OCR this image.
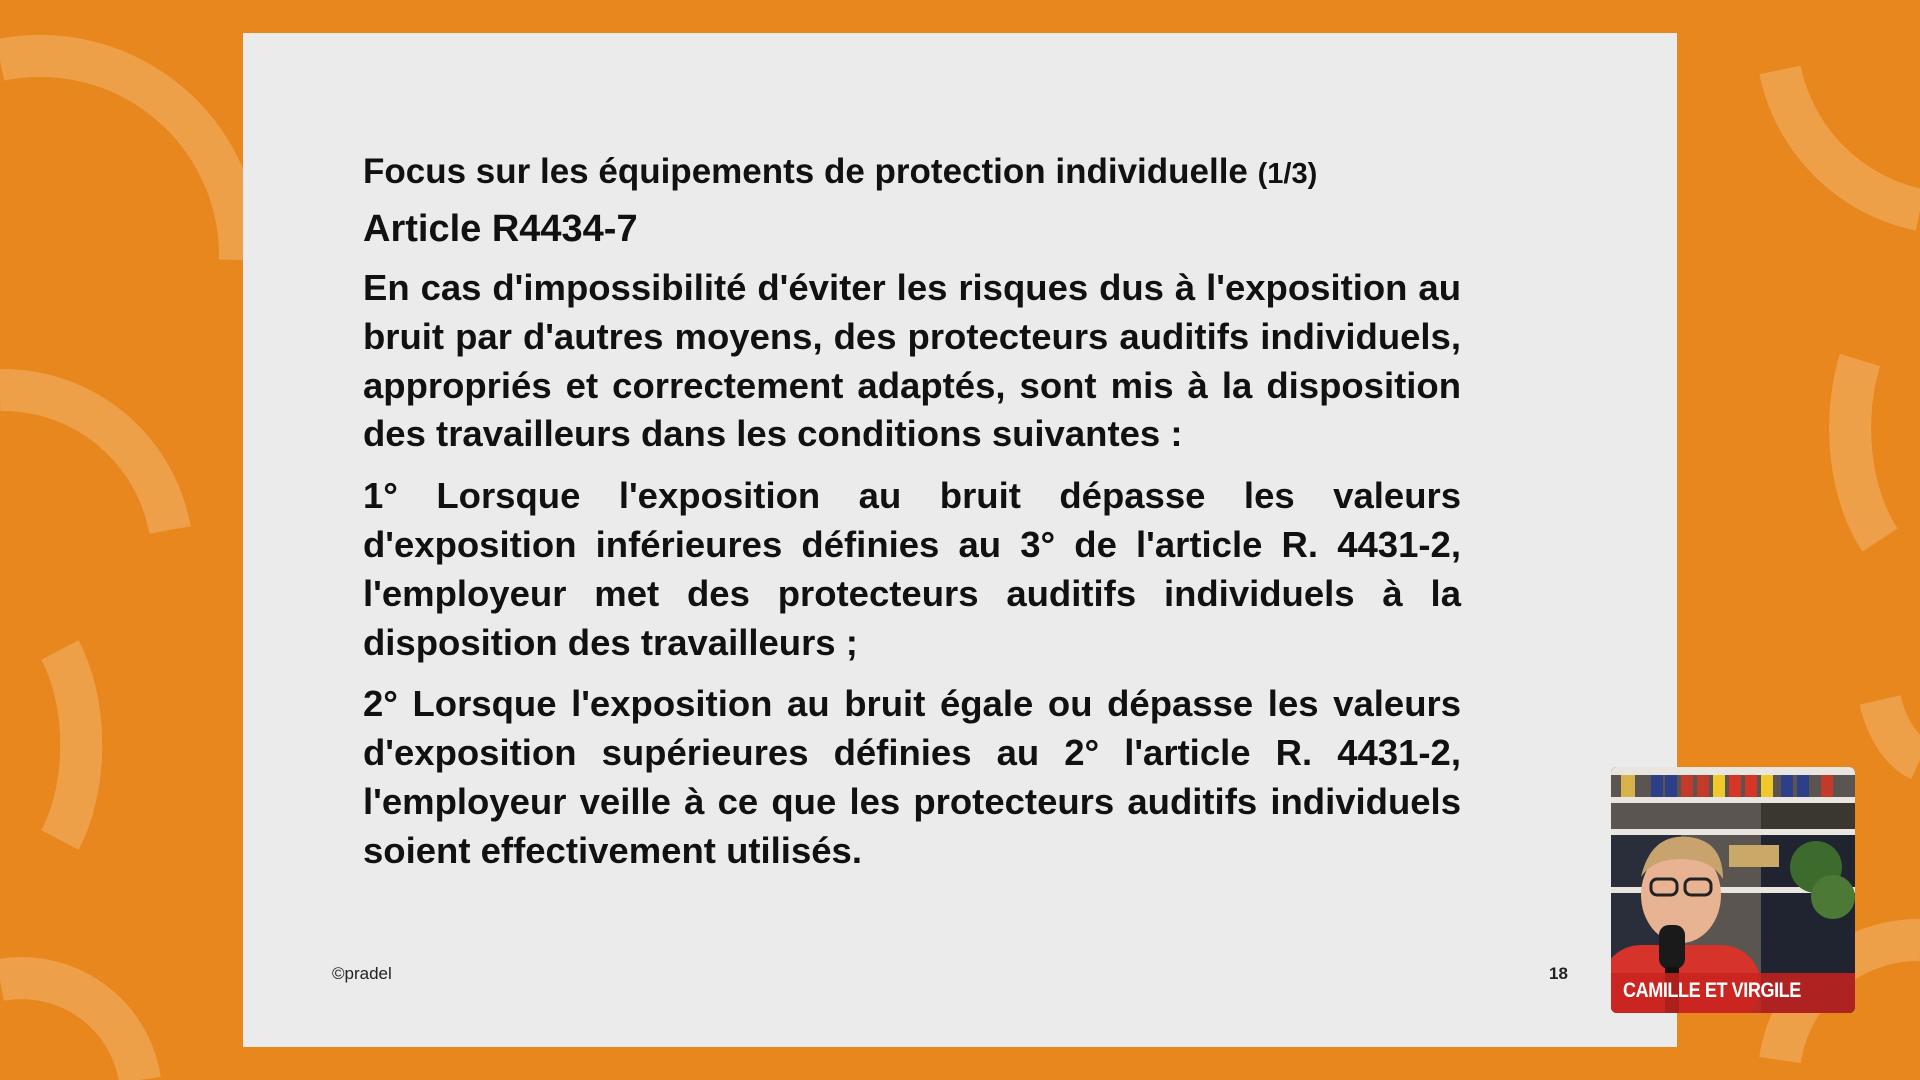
Focus sur les équipements de protection individuelle (1/3)
Article R4434-7
En cas d'impossibilité d'éviter les risques dus à l'exposition au bruit par d'autres moyens, des protecteurs auditifs individuels, appropriés et correctement adaptés, sont mis à la disposition des travailleurs dans les conditions suivantes :
1° Lorsque l'exposition au bruit dépasse les valeurs d'exposition inférieures définies au 3° de l'article R. 4431-2, l'employeur met des protecteurs auditifs individuels à la disposition des travailleurs ;
2° Lorsque l'exposition au bruit égale ou dépasse les valeurs d'exposition supérieures définies au 2° l'article R. 4431-2, l'employeur veille à ce que les protecteurs auditifs individuels soient effectivement utilisés.
©pradel	18
CAMILLE ET VIRGILE
